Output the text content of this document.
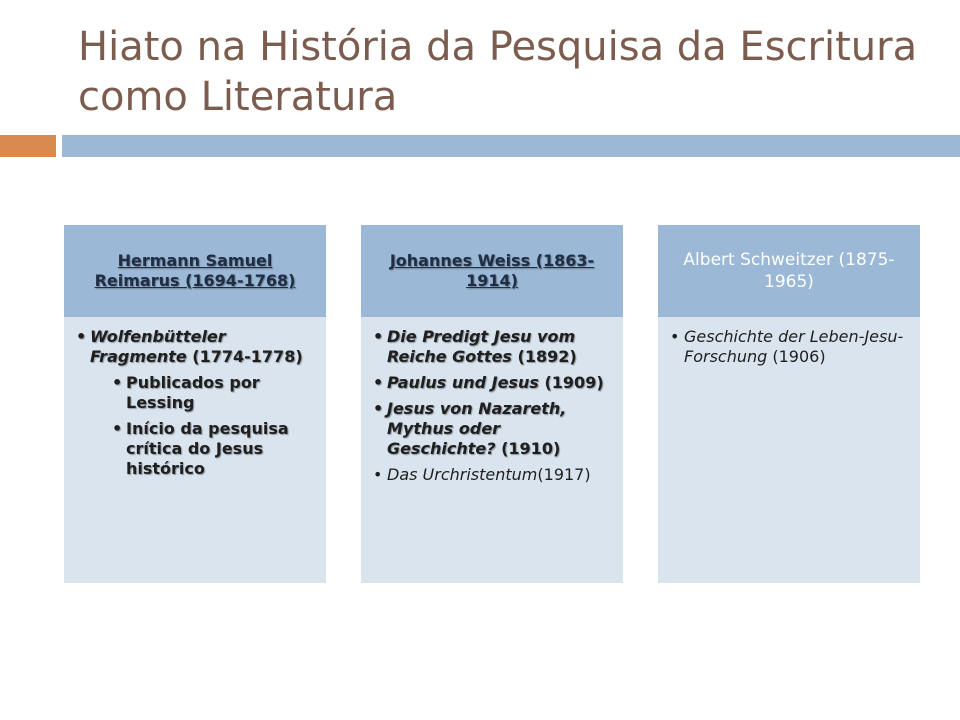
Hiato na História da Pesquisa da Escritura como Literatura
Hermann Samuel Reimarus (1694-1768)
• Wolfenbütteler Fragmente (1774-1778)
• Publicados por Lessing
• Início da pesquisa crítica do Jesus histórico
Johannes Weiss (1863-1914)
• Die Predigt Jesu vom Reiche Gottes (1892)
• Paulus und Jesus (1909)
• Jesus von Nazareth, Mythus oder Geschichte? (1910)
• Das Urchristentum(1917)
Albert Schweitzer (1875-1965)
• Geschichte der Leben-Jesu-Forschung (1906)
